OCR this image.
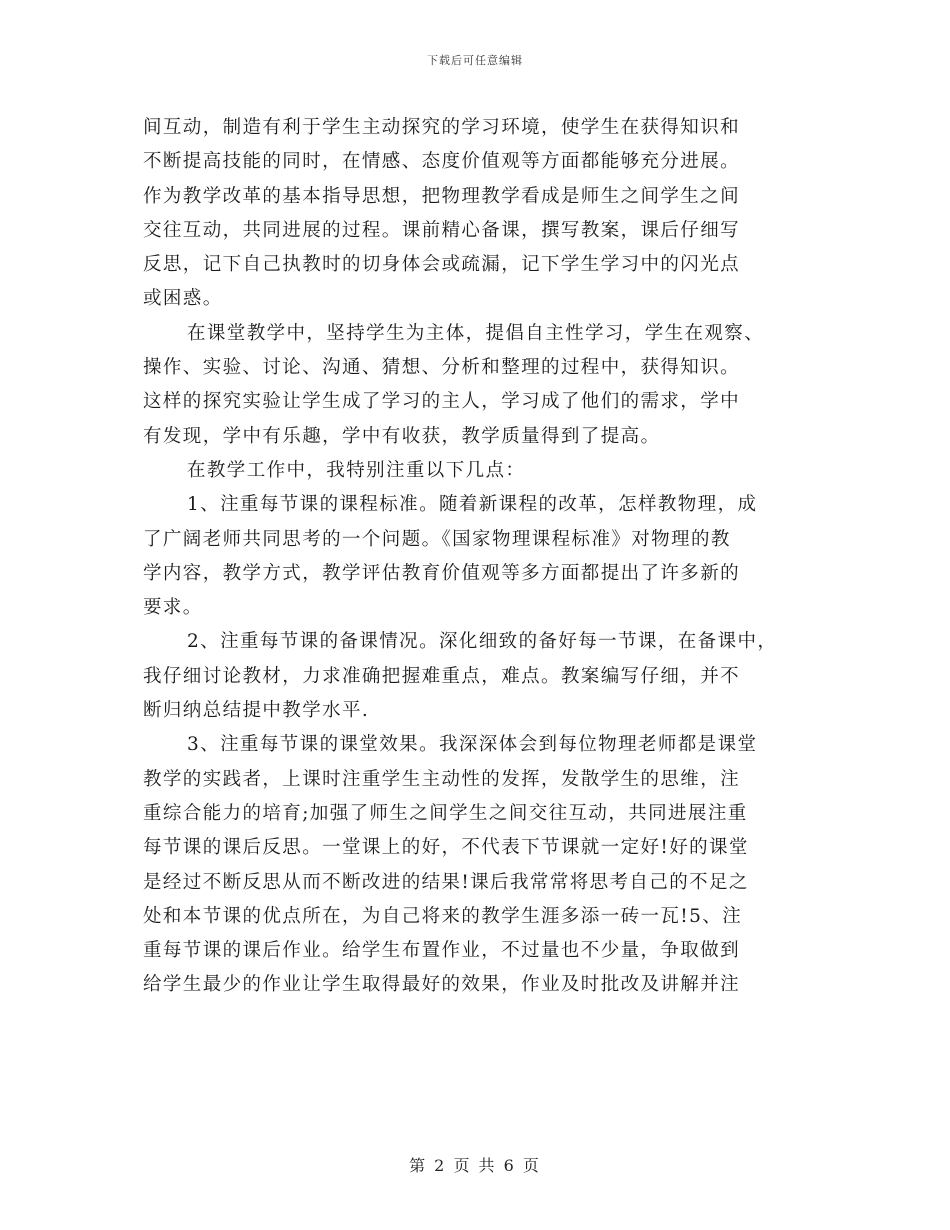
下载后可任意编辑
间互动，制造有利于学生主动探究的学习环境，使学生在获得知识和
不断提高技能的同时，在情感、态度价值观等方面都能够充分进展。
作为教学改革的基本指导思想，把物理教学看成是师生之间学生之间
交往互动，共同进展的过程。课前精心备课，撰写教案，课后仔细写
反思，记下自己执教时的切身体会或疏漏，记下学生学习中的闪光点
或困惑。
在课堂教学中，坚持学生为主体，提倡自主性学习，学生在观察、
操作、实验、讨论、沟通、猜想、分析和整理的过程中，获得知识。
这样的探究实验让学生成了学习的主人，学习成了他们的需求，学中
有发现，学中有乐趣，学中有收获，教学质量得到了提高。
在教学工作中，我特别注重以下几点：
1、注重每节课的课程标准。随着新课程的改革，怎样教物理，成
了广阔老师共同思考的一个问题。《国家物理课程标准》对物理的教
学内容，教学方式，教学评估教育价值观等多方面都提出了许多新的
要求。
2、注重每节课的备课情况。深化细致的备好每一节课，在备课中，
我仔细讨论教材，力求准确把握难重点，难点。教案编写仔细，并不
断归纳总结提中教学水平.
3、注重每节课的课堂效果。我深深体会到每位物理老师都是课堂
教学的实践者，上课时注重学生主动性的发挥，发散学生的思维，注
重综合能力的培育;加强了师生之间学生之间交往互动，共同进展注重
每节课的课后反思。一堂课上的好，不代表下节课就一定好!好的课堂
是经过不断反思从而不断改进的结果!课后我常常将思考自己的不足之
处和本节课的优点所在，为自己将来的教学生涯多添一砖一瓦!5、注
重每节课的课后作业。给学生布置作业，不过量也不少量，争取做到
给学生最少的作业让学生取得最好的效果，作业及时批改及讲解并注
第 2 页 共 6 页
